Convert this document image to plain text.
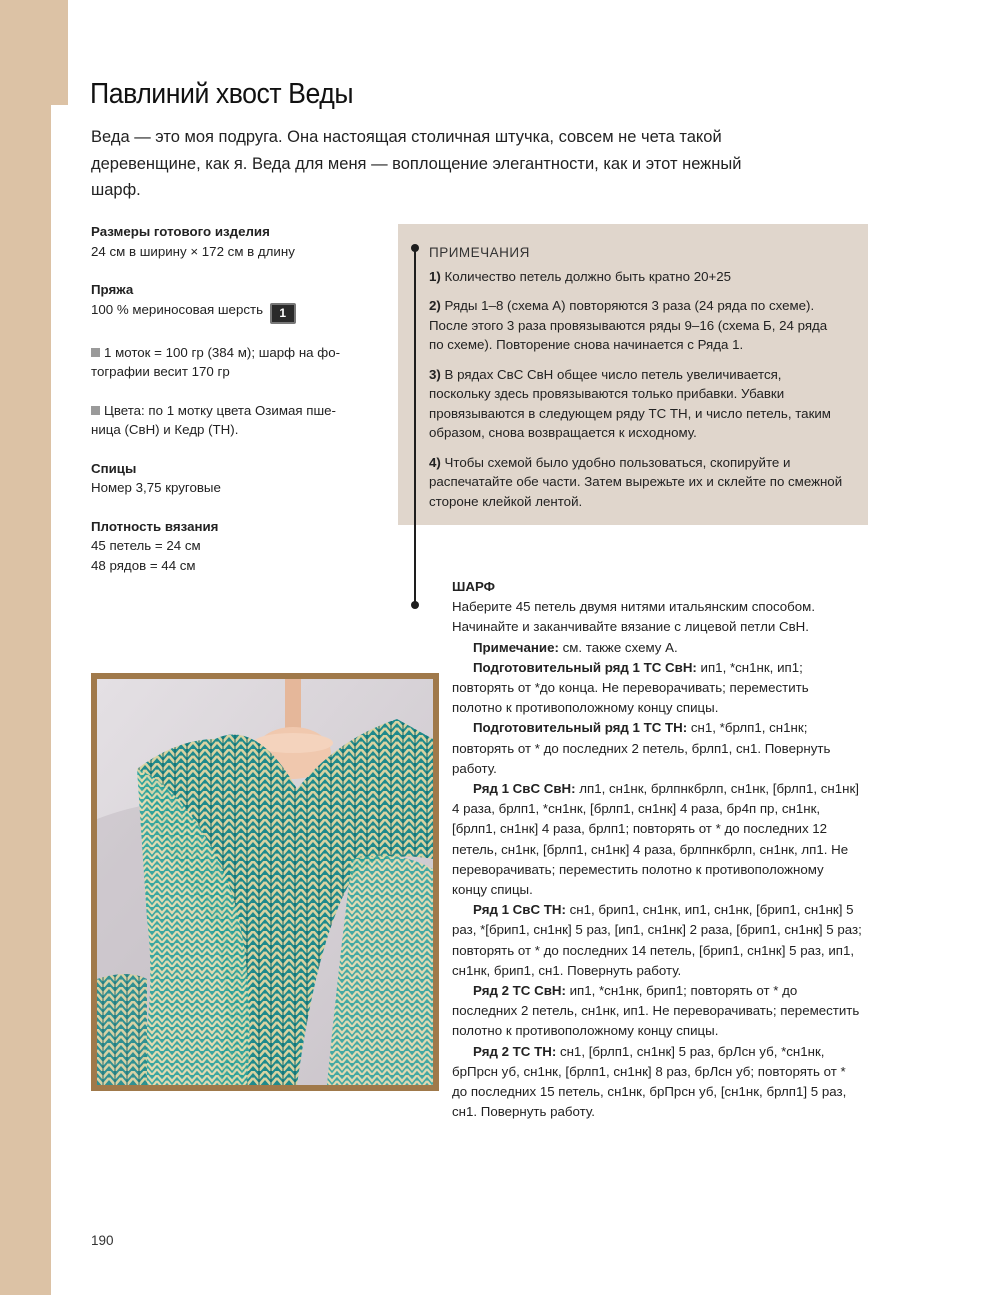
Павлиний хвост Веды
Веда — это моя подруга. Она настоящая столичная штучка, совсем не чета такой деревенщине, как я. Веда для меня — воплощение элегантности, как и этот нежный шарф.
Размеры готового изделия
24 см в ширину × 172 см в длину
Пряжа
100 % мериносовая шерсть 1
1 моток = 100 гр (384 м); шарф на фо-
тографии весит 170 гр
Цвета: по 1 мотку цвета Озимая пше-
ница (СвН) и Кедр (ТН).
Спицы
Номер 3,75 круговые
Плотность вязания
45 петель = 24 см
48 рядов = 44 см
ПРИМЕЧАНИЯ
1) Количество петель должно быть кратно 20+25
2) Ряды 1–8 (схема А) повторяются 3 раза (24 ряда по схеме). После этого 3 раза провязываются ряды 9–16 (схема Б, 24 ряда по схеме). Повторение снова начинается с Ряда 1.
3) В рядах СвС СвН общее число петель увеличивается, поскольку здесь провязываются только прибавки. Убавки провязываются в следующем ряду ТС ТН, и число петель, таким образом, снова возвращается к исходному.
4) Чтобы схемой было удобно пользоваться, скопируйте и распечатайте обе части. Затем вырежьте их и склейте по смежной стороне клейкой лентой.

ШАРФ

Наберите 45 петель двумя нитями итальянским способом. Начинайте и заканчивайте вязание с лицевой петли СвН.

Примечание: см. также схему А.

Подготовительный ряд 1 ТС СвН: ип1, *сн1нк, ип1; повторять от *до конца. Не переворачивать; переместить полотно к противоположному концу спицы.

Подготовительный ряд 1 ТС ТН: сн1, *брлп1, сн1нк; повторять от * до последних 2 петель, брлп1, сн1. Повернуть работу.

Ряд 1 СвС СвН: лп1, сн1нк, брлпнкбрлп, сн1нк, [брлп1, сн1нк] 4 раза, брлп1, *сн1нк, [брлп1, сн1нк] 4 раза, бр4п пр, сн1нк, [брлп1, сн1нк] 4 раза, брлп1; повторять от * до последних 12 петель, сн1нк, [брлп1, сн1нк] 4 раза, брлпнкбрлп, сн1нк, лп1. Не переворачивать; переместить полотно к противоположному концу спицы.

Ряд 1 СвС ТН: сн1, брип1, сн1нк, ип1, сн1нк, [брип1, сн1нк] 5 раз, *[брип1, сн1нк] 5 раз, [ип1, сн1нк] 2 раза, [брип1, сн1нк] 5 раз; повторять от * до последних 14 петель, [брип1, сн1нк] 5 раз, ип1, сн1нк, брип1, сн1. Повернуть работу.

Ряд 2 ТС СвН: ип1, *сн1нк, брип1; повторять от * до последних 2 петель, сн1нк, ип1. Не переворачивать; переместить полотно к противоположному концу спицы.

Ряд 2 ТС ТН: сн1, [брлп1, сн1нк] 5 раз, брЛсн уб, *сн1нк, брПрсн уб, сн1нк, [брлп1, сн1нк] 8 раз, брЛсн уб; повторять от * до последних 15 петель, сн1нк, брПрсн уб, [сн1нк, брлп1] 5 раз, сн1. Повернуть работу.

190
